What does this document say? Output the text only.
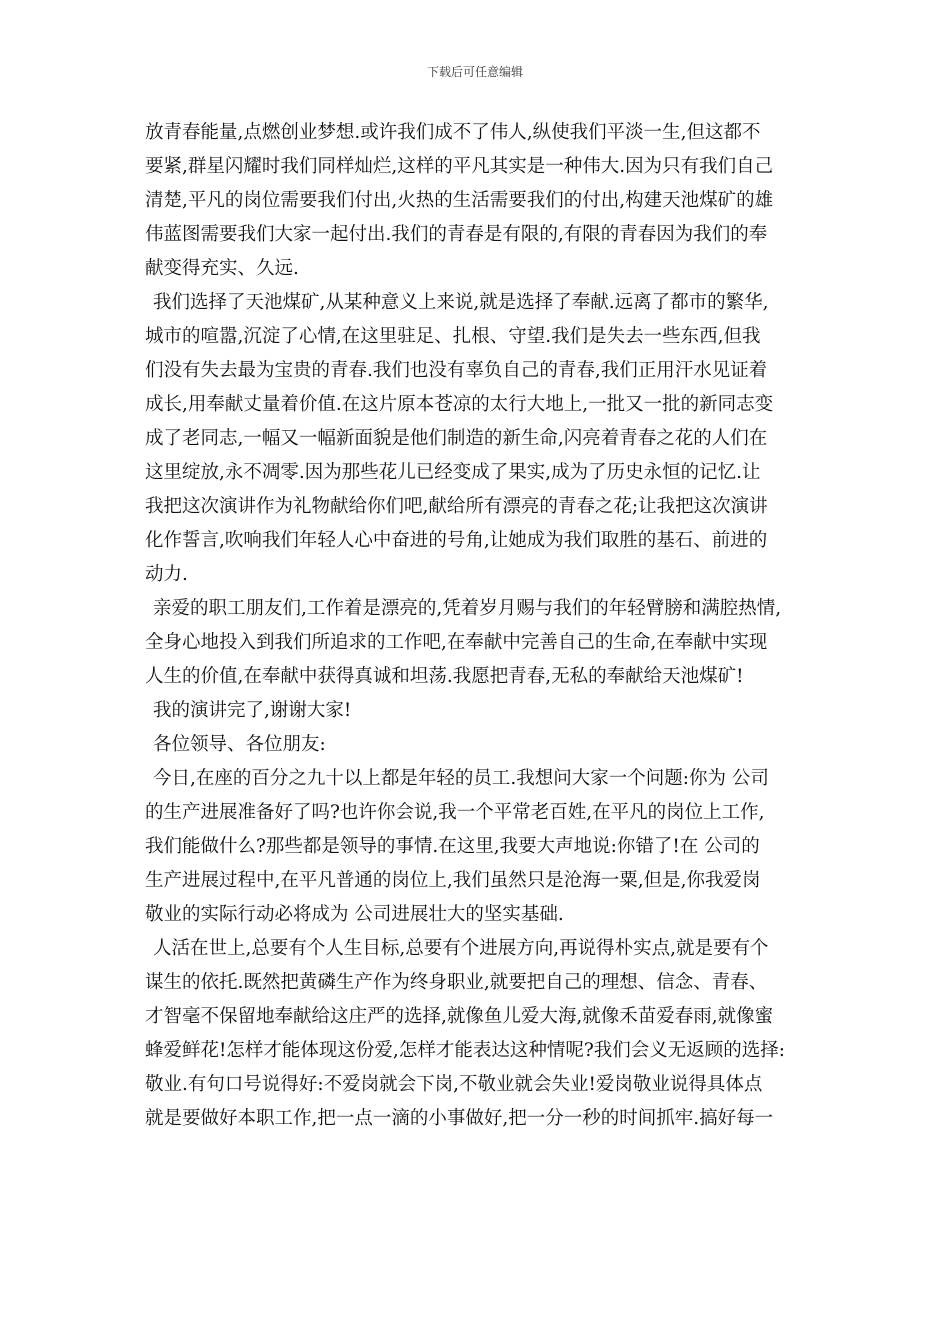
下载后可任意编辑
放青春能量,点燃创业梦想.或许我们成不了伟人,纵使我们平淡一生,但这都不
要紧,群星闪耀时我们同样灿烂,这样的平凡其实是一种伟大.因为只有我们自己
清楚,平凡的岗位需要我们付出,火热的生活需要我们的付出,构建天池煤矿的雄
伟蓝图需要我们大家一起付出.我们的青春是有限的,有限的青春因为我们的奉
献变得充实、久远.
我们选择了天池煤矿,从某种意义上来说,就是选择了奉献.远离了都市的繁华,
城市的喧嚣,沉淀了心情,在这里驻足、扎根、守望.我们是失去一些东西,但我
们没有失去最为宝贵的青春.我们也没有辜负自己的青春,我们正用汗水见证着
成长,用奉献丈量着价值.在这片原本苍凉的太行大地上,一批又一批的新同志变
成了老同志,一幅又一幅新面貌是他们制造的新生命,闪亮着青春之花的人们在
这里绽放,永不凋零.因为那些花儿已经变成了果实,成为了历史永恒的记忆.让
我把这次演讲作为礼物献给你们吧,献给所有漂亮的青春之花;让我把这次演讲
化作誓言,吹响我们年轻人心中奋进的号角,让她成为我们取胜的基石、前进的
动力.
亲爱的职工朋友们,工作着是漂亮的,凭着岁月赐与我们的年轻臂膀和满腔热情,
全身心地投入到我们所追求的工作吧,在奉献中完善自己的生命,在奉献中实现
人生的价值,在奉献中获得真诚和坦荡.我愿把青春,无私的奉献给天池煤矿!
我的演讲完了,谢谢大家!
各位领导、各位朋友:
今日,在座的百分之九十以上都是年轻的员工.我想问大家一个问题:你为 公司
的生产进展准备好了吗?也许你会说,我一个平常老百姓,在平凡的岗位上工作,
我们能做什么?那些都是领导的事情.在这里,我要大声地说:你错了!在 公司的
生产进展过程中,在平凡普通的岗位上,我们虽然只是沧海一粟,但是,你我爱岗
敬业的实际行动必将成为 公司进展壮大的坚实基础.
人活在世上,总要有个人生目标,总要有个进展方向,再说得朴实点,就是要有个
谋生的依托.既然把黄磷生产作为终身职业,就要把自己的理想、信念、青春、
才智毫不保留地奉献给这庄严的选择,就像鱼儿爱大海,就像禾苗爱春雨,就像蜜
蜂爱鲜花!怎样才能体现这份爱,怎样才能表达这种情呢?我们会义无返顾的选择:
敬业.有句口号说得好:不爱岗就会下岗,不敬业就会失业!爱岗敬业说得具体点
就是要做好本职工作,把一点一滴的小事做好,把一分一秒的时间抓牢.搞好每一
